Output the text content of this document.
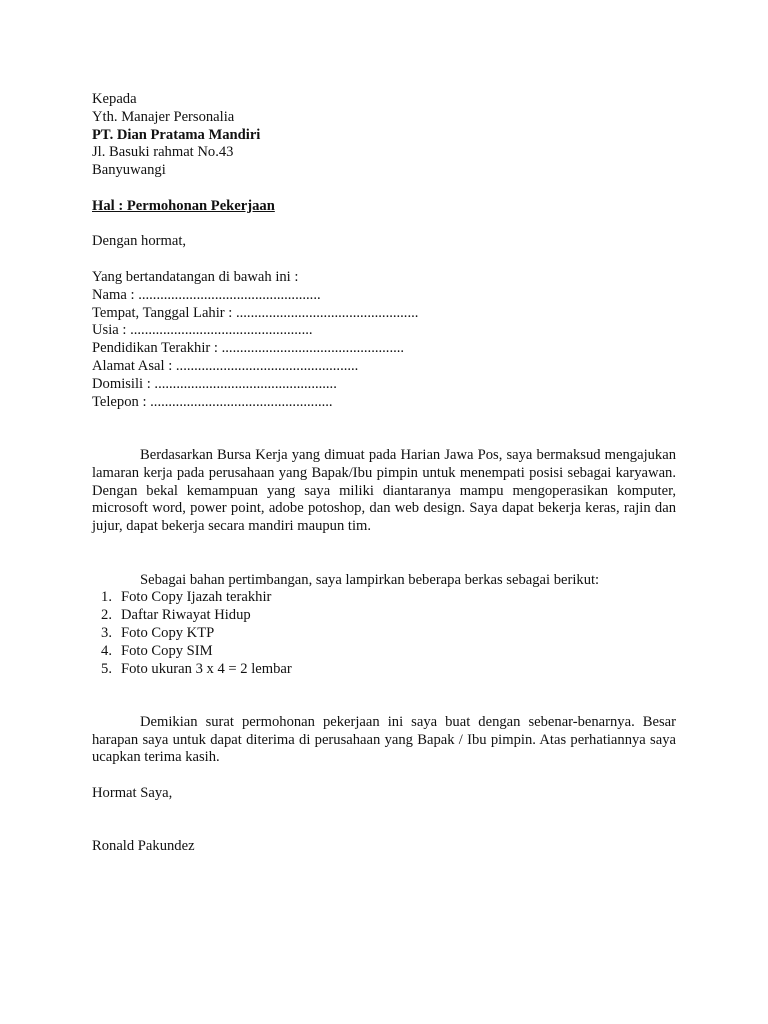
Kepada
Yth. Manajer Personalia
PT. Dian Pratama Mandiri
Jl. Basuki rahmat No.43
Banyuwangi
Hal : Permohonan Pekerjaan
Dengan hormat,
Yang bertandatangan di bawah ini :
Nama : ..................................................
Tempat, Tanggal Lahir : ..................................................
Usia : ..................................................
Pendidikan Terakhir : ..................................................
Alamat Asal : ..................................................
Domisili : ..................................................
Telepon : ..................................................
Berdasarkan Bursa Kerja yang dimuat pada Harian Jawa Pos, saya bermaksud mengajukan lamaran kerja pada perusahaan yang Bapak/Ibu pimpin untuk menempati posisi sebagai karyawan. Dengan bekal kemampuan yang saya miliki diantaranya mampu mengoperasikan komputer, microsoft word, power point, adobe potoshop, dan web design. Saya dapat bekerja keras, rajin dan jujur, dapat bekerja secara mandiri maupun tim.
Sebagai bahan pertimbangan, saya lampirkan beberapa berkas sebagai berikut:
1. Foto Copy Ijazah terakhir
2. Daftar Riwayat Hidup
3. Foto Copy KTP
4. Foto Copy SIM
5. Foto ukuran 3 x 4 = 2 lembar
Demikian surat permohonan pekerjaan ini saya buat dengan sebenar-benarnya. Besar harapan saya untuk dapat diterima di perusahaan yang Bapak / Ibu pimpin. Atas perhatiannya saya ucapkan terima kasih.
Hormat Saya,
Ronald Pakundez
